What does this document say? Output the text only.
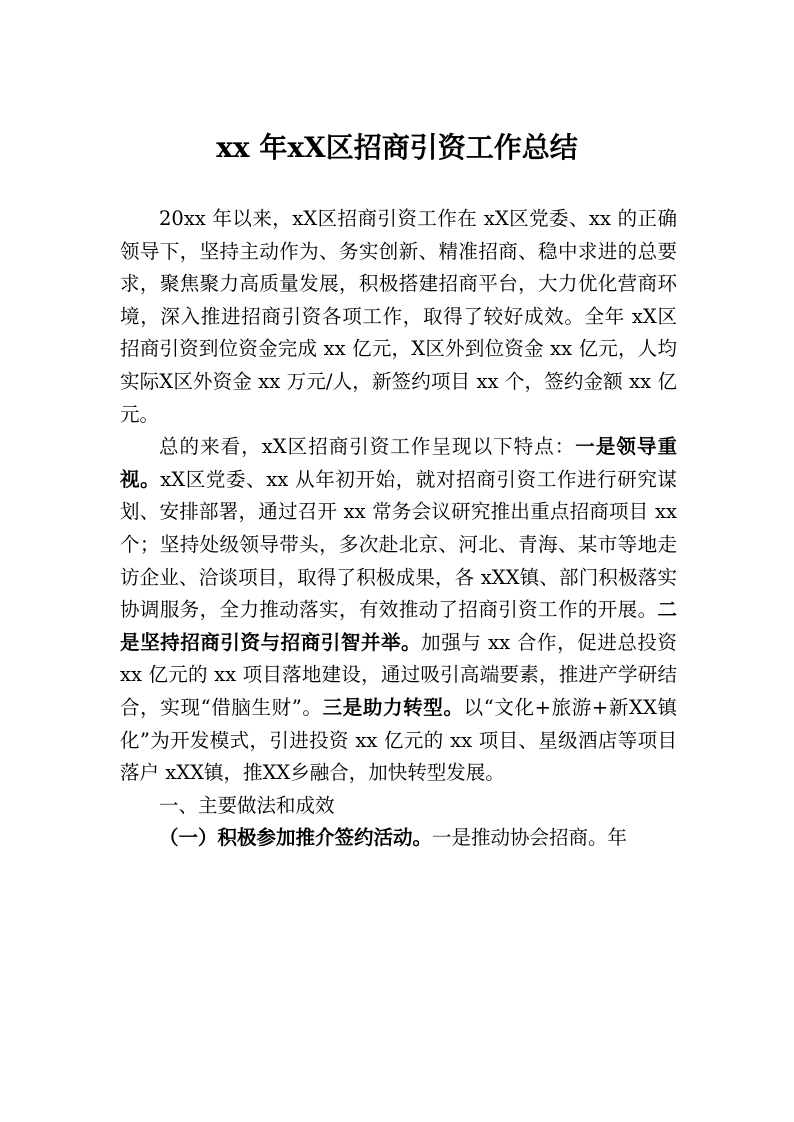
xx 年xX区招商引资工作总结

20xx 年以来，xX区招商引资工作在 xX区党委、xx 的正确领导下，坚持主动作为、务实创新、精准招商、稳中求进的总要求，聚焦聚力高质量发展，积极搭建招商平台，大力优化营商环境，深入推进招商引资各项工作，取得了较好成效。全年 xX区招商引资到位资金完成 xx 亿元，X区外到位资金 xx 亿元，人均实际X区外资金 xx 万元/人，新签约项目 xx 个，签约金额 xx 亿元。

总的来看，xX区招商引资工作呈现以下特点：一是领导重视。xX区党委、xx 从年初开始，就对招商引资工作进行研究谋划、安排部署，通过召开 xx 常务会议研究推出重点招商项目 xx 个；坚持处级领导带头，多次赴北京、河北、青海、某市等地走访企业、洽谈项目，取得了积极成果，各 xXX镇、部门积极落实协调服务，全力推动落实，有效推动了招商引资工作的开展。二是坚持招商引资与招商引智并举。加强与 xx 合作，促进总投资 xx 亿元的 xx 项目落地建设，通过吸引高端要素，推进产学研结合，实现“借脑生财”。三是助力转型。以“文化+旅游+新XX镇化”为开发模式，引进投资 xx 亿元的 xx 项目、星级酒店等项目落户 xXX镇，推XX乡融合，加快转型发展。

一、主要做法和成效

（一）积极参加推介签约活动。一是推动协会招商。年
